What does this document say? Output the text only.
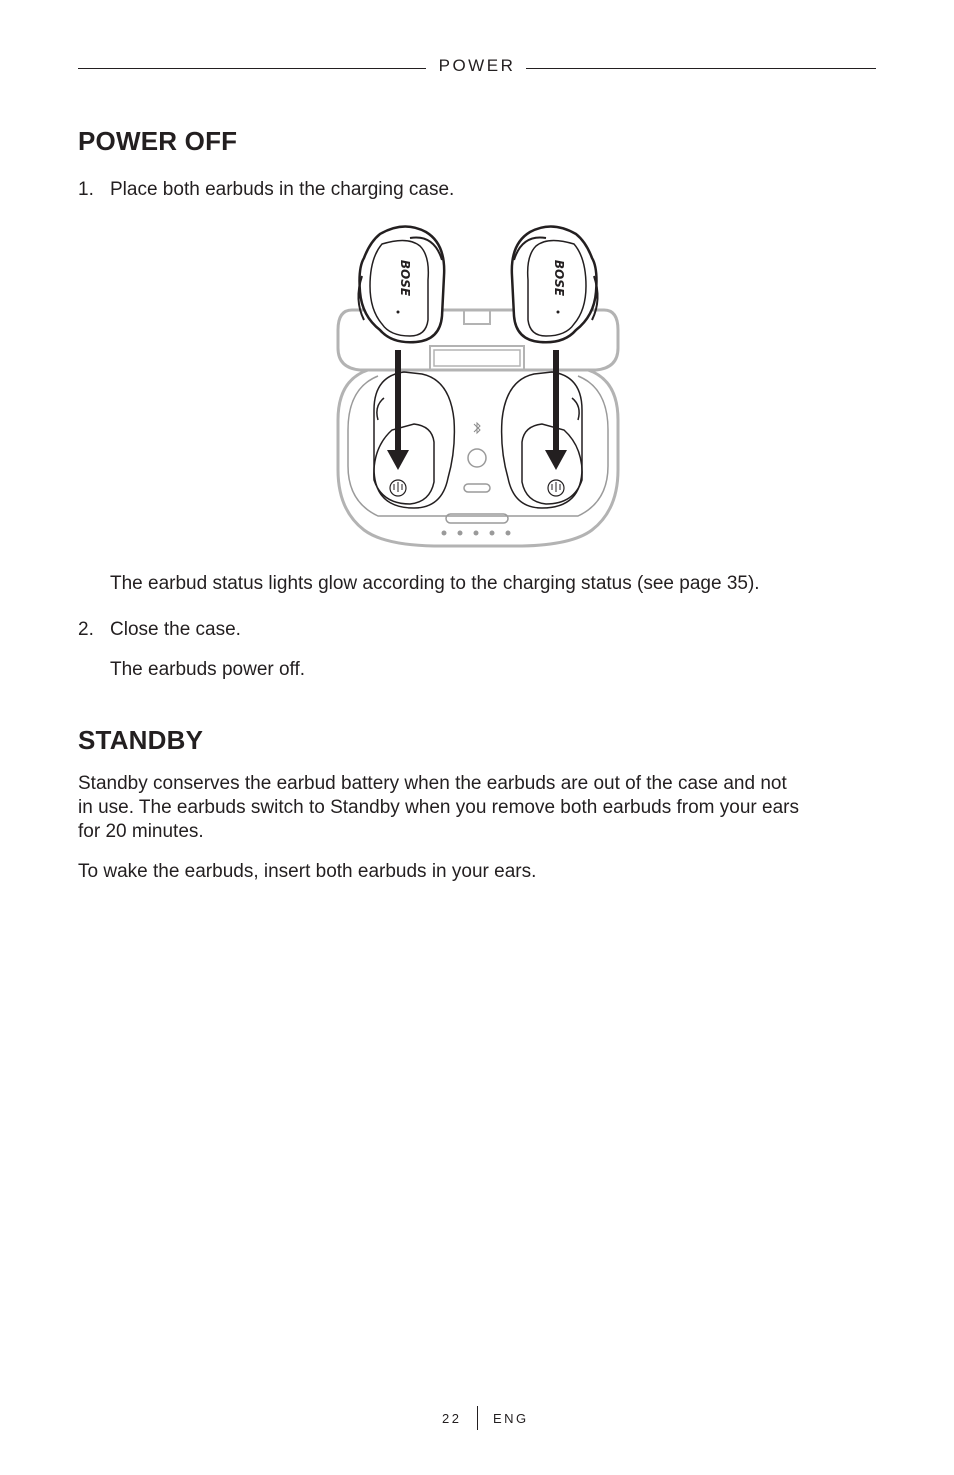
POWER
POWER OFF
1. Place both earbuds in the charging case.
BOSE	BOSE
The earbud status lights glow according to the charging status (see page 35).
2. Close the case.
The earbuds power off.
STANDBY
Standby conserves the earbud battery when the earbuds are out of the case and not
in use. The earbuds switch to Standby when you remove both earbuds from your ears
for 20 minutes.
To wake the earbuds, insert both earbuds in your ears.
22 ENG
